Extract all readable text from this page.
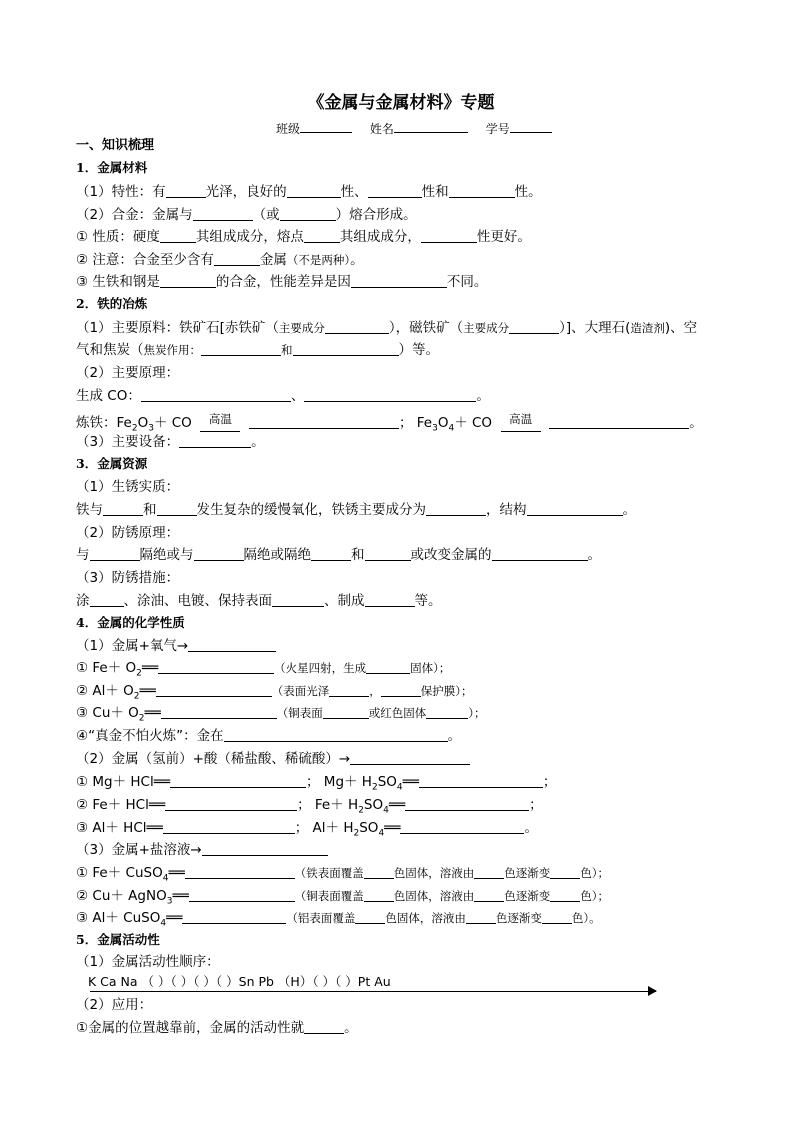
《金属与金属材料》专题
班级	姓名	学号
一、知识梳理
1．金属材料
（1）特性：有	光泽，良好的	性、	性和	性。
（2）合金：金属与	（或	）熔合形成。
① 性质：硬度	其组成成分，熔点	其组成成分，	性更好。
② 注意：合金至少含有	金属（不是两种）。
③ 生铁和钢是	的合金，性能差异是因	不同。
2．铁的冶炼
（1）主要原料：铁矿石[赤铁矿（主要成分	），磁铁矿（主要成分	）]、大理石(造渣剂)、空
气和焦炭（焦炭作用：	和	）等。
（2）主要原理：
生成 CO：	、	。
炼铁：$Fe_2O_3+$ CO 高温	； $Fe_3O_4+$ CO 高温	。
（3）主要设备：	。
3．金属资源
（1）生锈实质：
铁与	和	发生复杂的缓慢氧化，铁锈主要成分为	，结构	。
（2）防锈原理：
与	隔绝或与	隔绝或隔绝	和	或改变金属的	。
（3）防锈措施：
涂	、涂油、电镀、保持表面	、制成	等。
4．金属的化学性质
（1）金属+氧气→
① $Fe+ O_2══$	（火星四射，生成	固体）；
② $Al+ O_2══$	（表面光泽	，	保护膜）；
③ $Cu+ O_2══$	（铜表面	或红色固体	）；
④“真金不怕火炼”：金在	。
（2）金属（氢前）+酸（稀盐酸、稀硫酸）→
① Mg＋ HCl══	； $Mg+ H_2SO_4══$	；
② Fe＋ HCl══	； $Fe+ H_2SO_4══$	；
③ Al＋ HCl══	； $Al+ H_2SO_4══$	。
（3）金属+盐溶液→
① Fe＋ CuSO$_4$══	（铁表面覆盖	色固体，溶液由	色逐渐变	色）；
② Cu＋ AgNO$_3$══	（铜表面覆盖	色固体，溶液由	色逐渐变	色）；
③ Al＋ CuSO$_4$══	（铝表面覆盖	色固体，溶液由	色逐渐变	色）。
5．金属活动性
（1）金属活动性顺序：
K Ca Na （ ）（ ）（ ）（ ）Sn Pb （H）（ ）（ ）Pt Au
（2）应用：
①金属的位置越靠前，金属的活动性就	。
